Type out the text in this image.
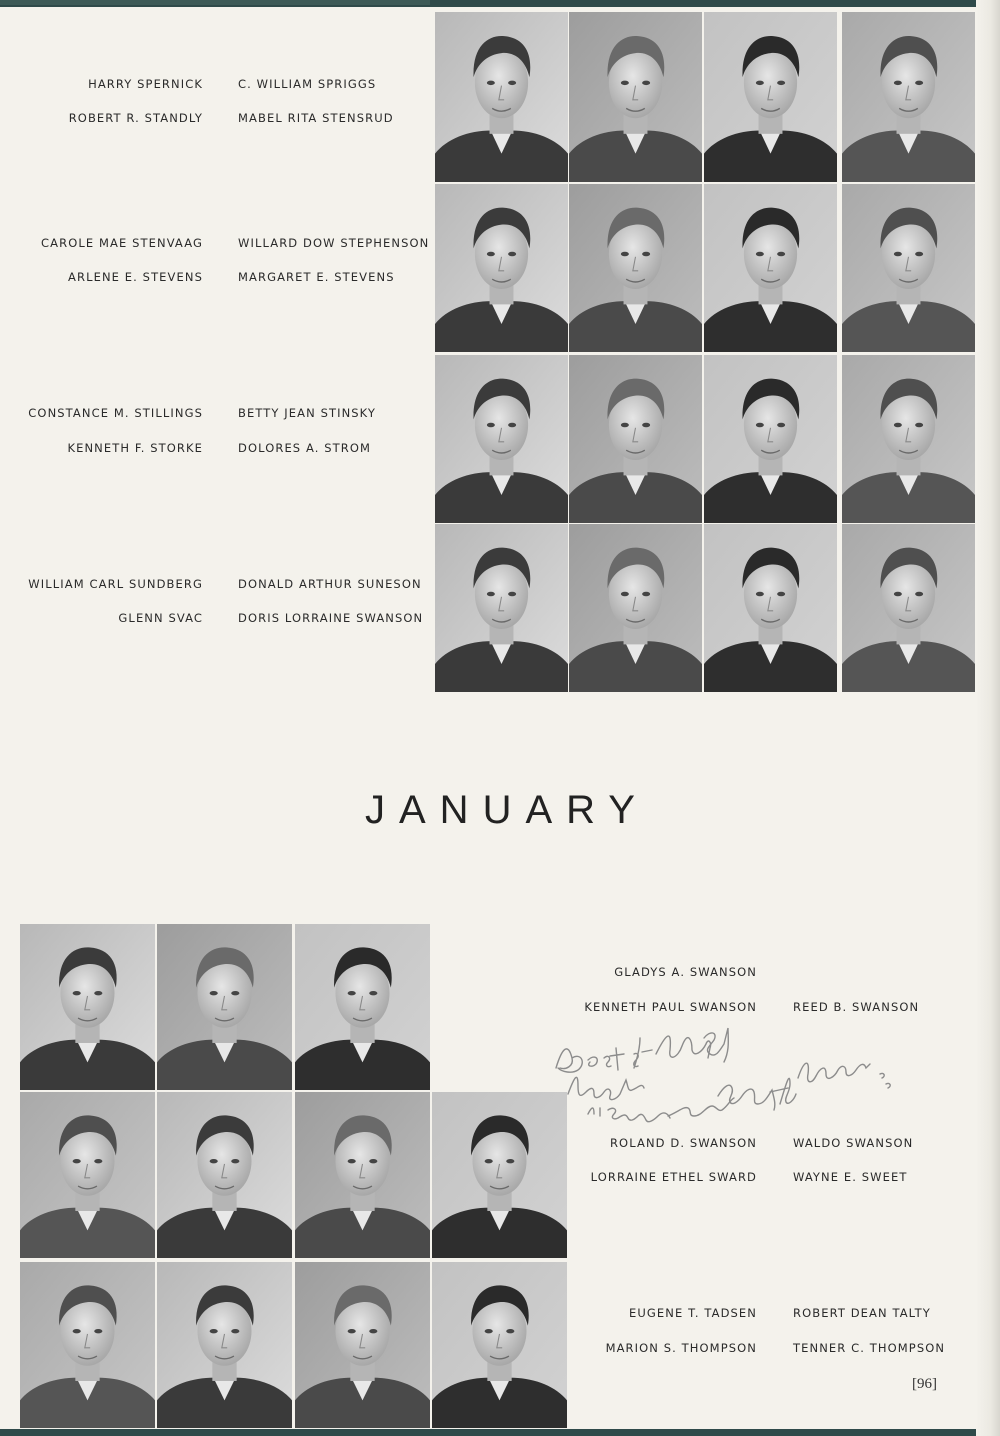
HARRY SPERNICK	C. WILLIAM SPRIGGS
ROBERT R. STANDLY	MABEL RITA STENSRUD
CAROLE MAE STENVAAG	WILLARD DOW STEPHENSON
ARLENE E. STEVENS	MARGARET E. STEVENS
CONSTANCE M. STILLINGS	BETTY JEAN STINSKY
KENNETH F. STORKE	DOLORES A. STROM
WILLIAM CARL SUNDBERG	DONALD ARTHUR SUNESON
GLENN SVAC	DORIS LORRAINE SWANSON
JANUARY
GLADYS A. SWANSON
KENNETH PAUL SWANSON	REED B. SWANSON
ROLAND D. SWANSON	WALDO SWANSON
LORRAINE ETHEL SWARD	WAYNE E. SWEET
EUGENE T. TADSEN	ROBERT DEAN TALTY
MARION S. THOMPSON	TENNER C. THOMPSON
[96]
